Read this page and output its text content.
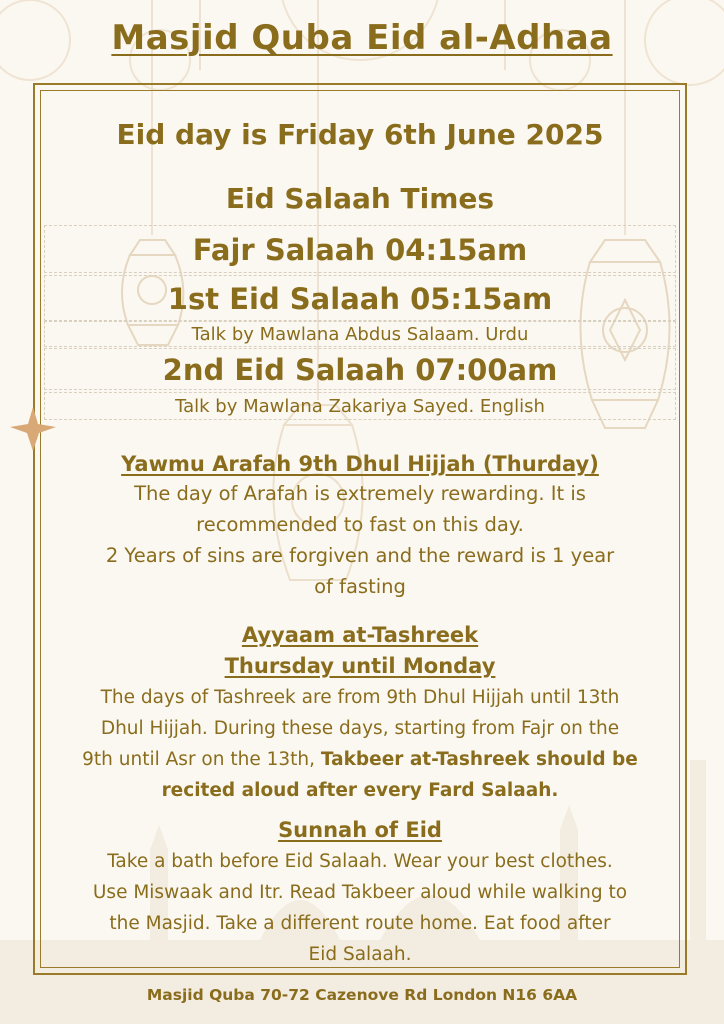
Masjid Quba Eid al-Adhaa
Eid day is Friday 6th June 2025
Eid Salaah Times
Fajr Salaah 04:15am
1st Eid Salaah 05:15am
Talk by Mawlana Abdus Salaam. Urdu
2nd Eid Salaah 07:00am
Talk by Mawlana Zakariya Sayed. English
Yawmu Arafah 9th Dhul Hijjah (Thurday)
The day of Arafah is extremely rewarding. It is
recommended to fast on this day.
2 Years of sins are forgiven and the reward is 1 year
of fasting
Ayyaam at-Tashreek
Thursday until Monday
The days of Tashreek are from 9th Dhul Hijjah until 13th
Dhul Hijjah. During these days, starting from Fajr on the
9th until Asr on the 13th, Takbeer at-Tashreek should be
recited aloud after every Fard Salaah.
Sunnah of Eid
Take a bath before Eid Salaah. Wear your best clothes.
Use Miswaak and Itr. Read Takbeer aloud while walking to
the Masjid. Take a different route home. Eat food after
Eid Salaah.
Masjid Quba 70-72 Cazenove Rd London N16 6AA
